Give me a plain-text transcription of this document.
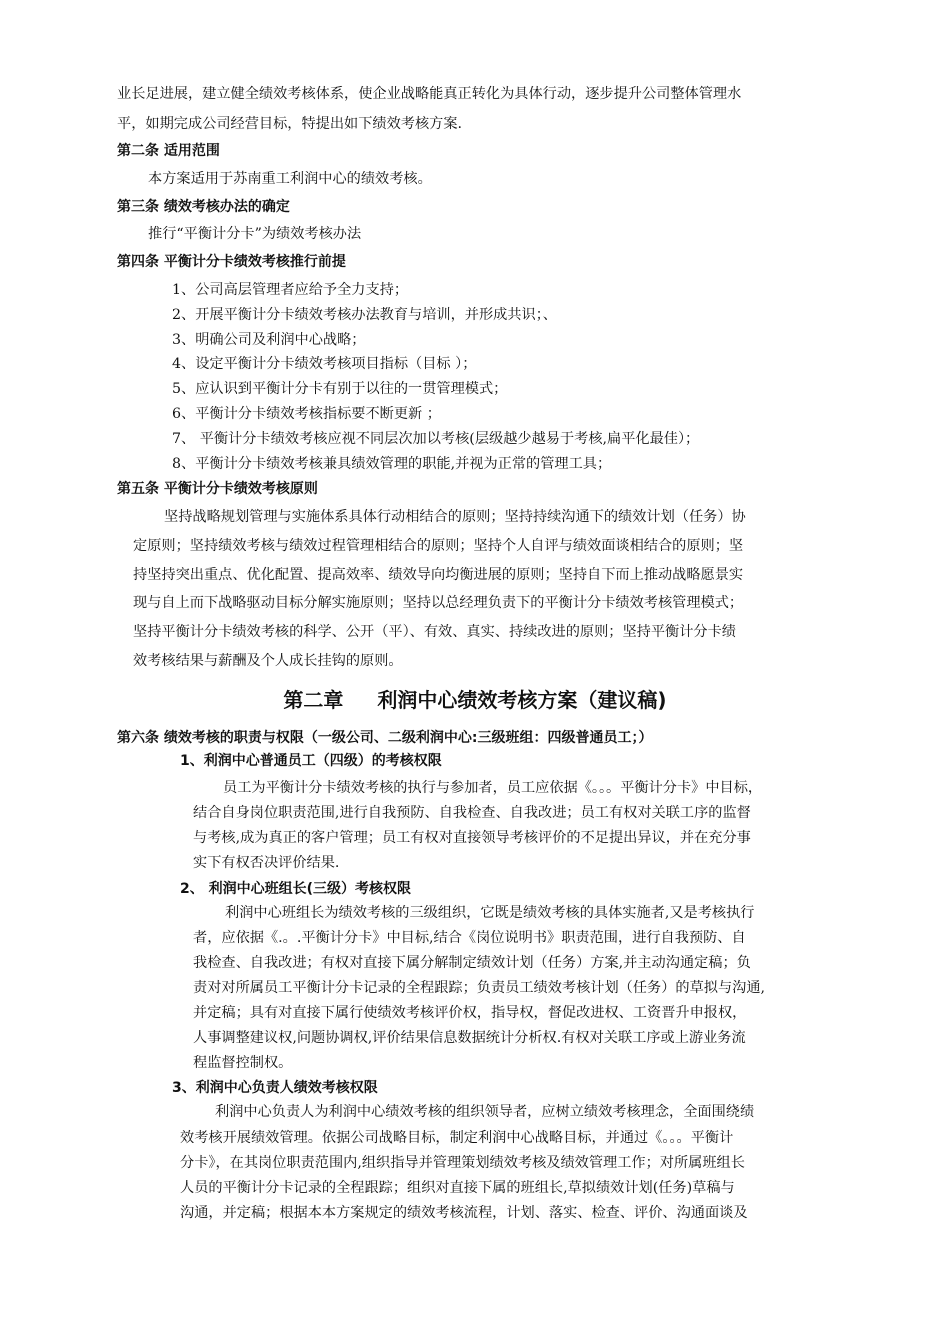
业长足进展，建立健全绩效考核体系，使企业战略能真正转化为具体行动，逐步提升公司整体管理水
平，如期完成公司经营目标，特提出如下绩效考核方案.
第二条 适用范围
本方案适用于苏南重工利润中心的绩效考核。
第三条 绩效考核办法的确定
推行“平衡计分卡”为绩效考核办法
第四条 平衡计分卡绩效考核推行前提
1、公司高层管理者应给予全力支持；
2、开展平衡计分卡绩效考核办法教育与培训，并形成共识；、
3、明确公司及利润中心战略；
4、设定平衡计分卡绩效考核项目指标（目标 ）；
5、应认识到平衡计分卡有别于以往的一贯管理模式；
6、平衡计分卡绩效考核指标要不断更新 ；
7、 平衡计分卡绩效考核应视不同层次加以考核(层级越少越易于考核,扁平化最佳）；
8、平衡计分卡绩效考核兼具绩效管理的职能,并视为正常的管理工具；
第五条 平衡计分卡绩效考核原则
坚持战略规划管理与实施体系具体行动相结合的原则；坚持持续沟通下的绩效计划（任务）协
定原则；坚持绩效考核与绩效过程管理相结合的原则；坚持个人自评与绩效面谈相结合的原则；坚
持坚持突出重点、优化配置、提高效率、绩效导向均衡进展的原则；坚持自下而上推动战略愿景实
现与自上而下战略驱动目标分解实施原则；坚持以总经理负责下的平衡计分卡绩效考核管理模式；
坚持平衡计分卡绩效考核的科学、公开（平）、有效、真实、持续改进的原则；坚持平衡计分卡绩
效考核结果与薪酬及个人成长挂钩的原则。
第二章 利润中心绩效考核方案（建议稿)
第六条 绩效考核的职责与权限（一级公司、二级利润中心:三级班组：四级普通员工；）
1、利润中心普通员工（四级）的考核权限
员工为平衡计分卡绩效考核的执行与参加者，员工应依据《。。。平衡计分卡》中目标，
结合自身岗位职责范围,进行自我预防、自我检查、自我改进；员工有权对关联工序的监督
与考核,成为真正的客户管理；员工有权对直接领导考核评价的不足提出异议，并在充分事
实下有权否决评价结果.
2、 利润中心班组长(三级）考核权限
利润中心班组长为绩效考核的三级组织，它既是绩效考核的具体实施者,又是考核执行
者，应依据《.。.平衡计分卡》中目标,结合《岗位说明书》职责范围，进行自我预防、自
我检查、自我改进；有权对直接下属分解制定绩效计划（任务）方案,并主动沟通定稿；负
责对对所属员工平衡计分卡记录的全程跟踪；负责员工绩效考核计划（任务）的草拟与沟通,
并定稿；具有对直接下属行使绩效考核评价权，指导权，督促改进权、工资晋升申报权，
人事调整建议权,问题协调权,评价结果信息数据统计分析权.有权对关联工序或上游业务流
程监督控制权。
3、利润中心负责人绩效考核权限
利润中心负责人为利润中心绩效考核的组织领导者，应树立绩效考核理念，全面围绕绩
效考核开展绩效管理。依据公司战略目标，制定利润中心战略目标，并通过《。。。平衡计
分卡》，在其岗位职责范围内,组织指导并管理策划绩效考核及绩效管理工作；对所属班组长
人员的平衡计分卡记录的全程跟踪；组织对直接下属的班组长,草拟绩效计划(任务)草稿与
沟通，并定稿；根据本本方案规定的绩效考核流程，计划、落实、检查、评价、沟通面谈及
